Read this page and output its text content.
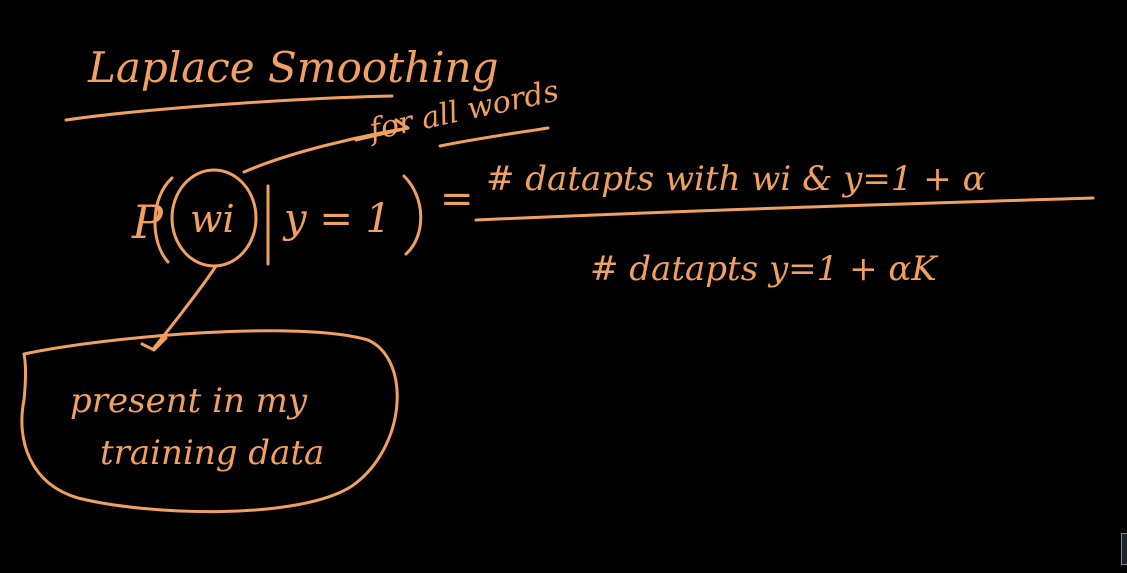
Laplace Smoothing
for all words
P wi y = 1 = # datapts with wi & y=1 + α
# datapts y=1 + αK
present in my
training data
